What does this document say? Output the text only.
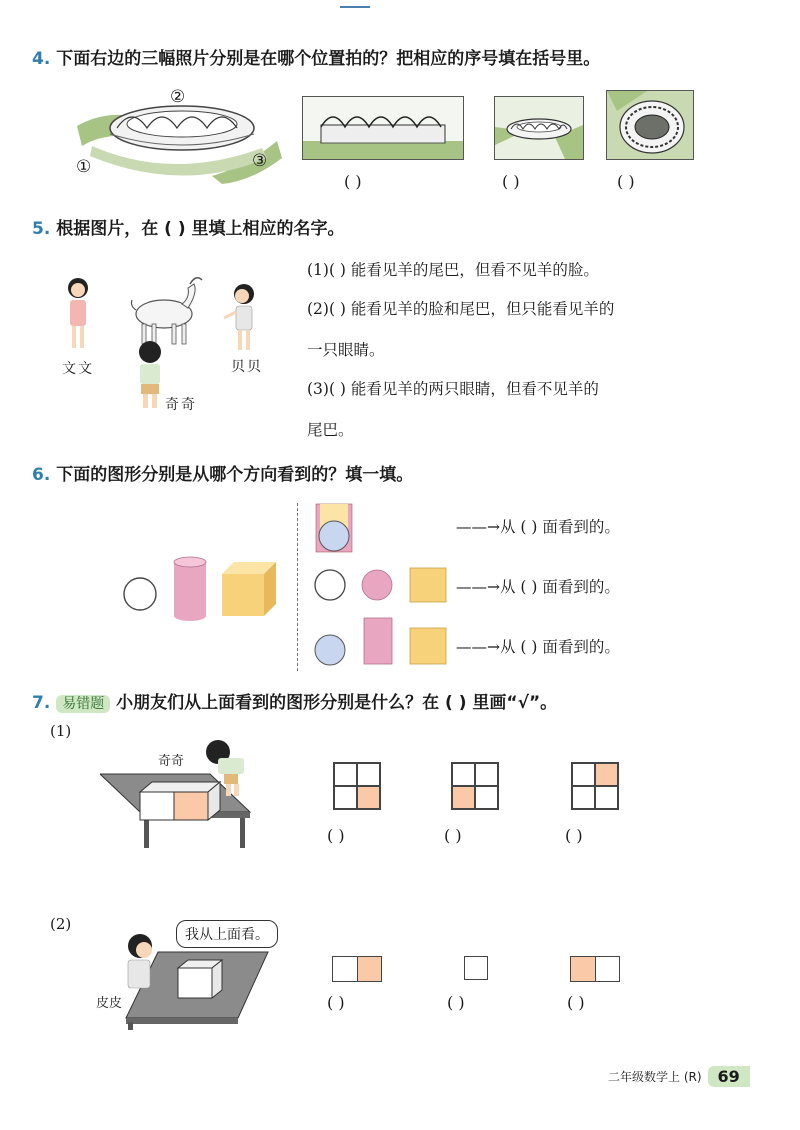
4. 下面右边的三幅照片分别是在哪个位置拍的？把相应的序号填在括号里。
②
①	③
( )	( )	( )
5. 根据图片，在 ( ) 里填上相应的名字。
文文	贝贝
奇奇
(1)( ) 能看见羊的尾巴，但看不见羊的脸。
(2)( ) 能看见羊的脸和尾巴，但只能看见羊的
一只眼睛。
(3)( ) 能看见羊的两只眼睛，但看不见羊的
尾巴。
6. 下面的图形分别是从哪个方向看到的？填一填。
——→从 ( ) 面看到的。
——→从 ( ) 面看到的。
——→从 ( ) 面看到的。
7. 易错题 小朋友们从上面看到的图形分别是什么？在 ( ) 里画“√”。
(1)
奇奇
( )	( )	( )
(2)
我从上面看。
皮皮	( )	( )	( )
二年级数学上 (R)	69
